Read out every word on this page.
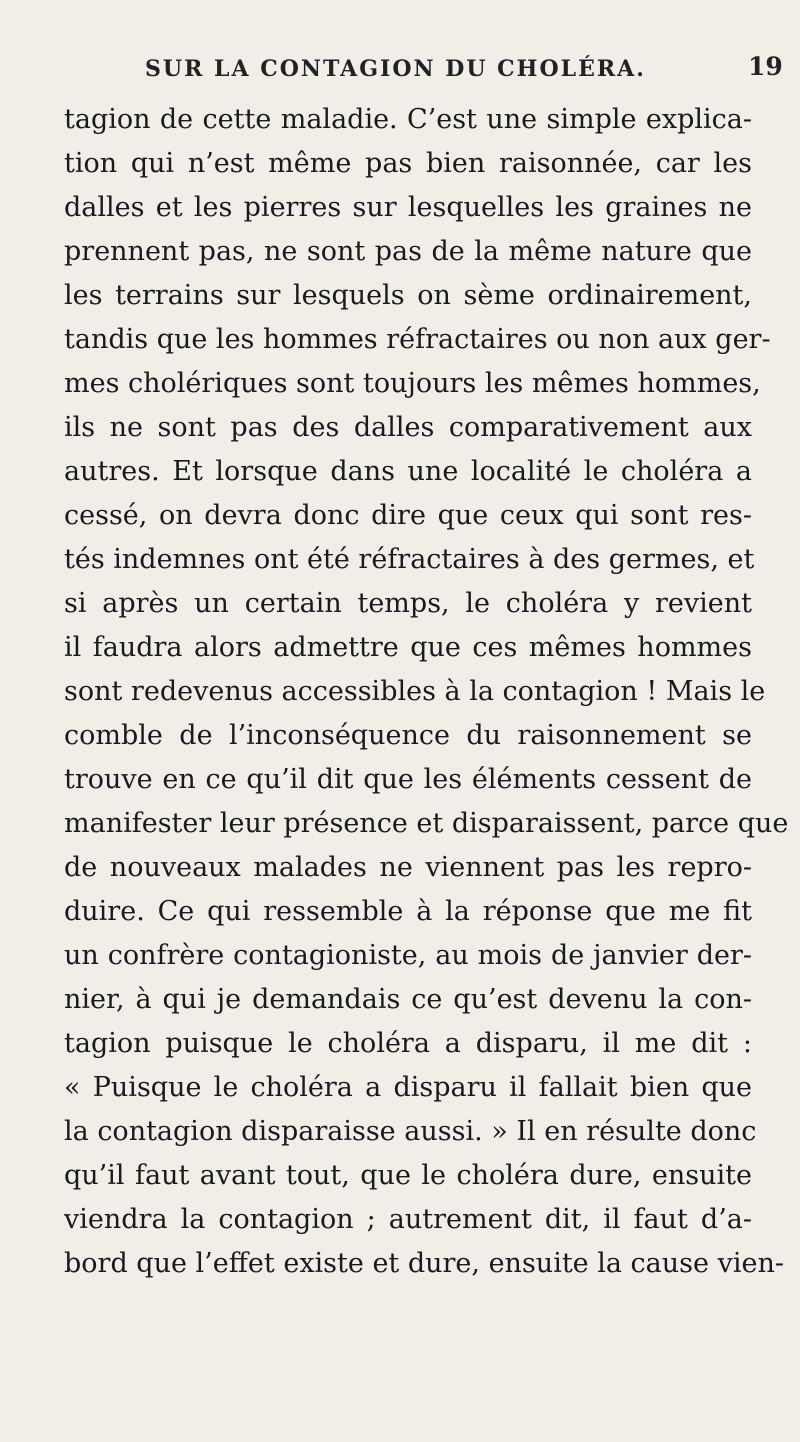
SUR LA CONTAGION DU CHOLÉRA.	19
tagion de cette maladie. C’est une simple explica-
tion qui n’est même pas bien raisonnée, car les
dalles et les pierres sur lesquelles les graines ne
prennent pas, ne sont pas de la même nature que
les terrains sur lesquels on sème ordinairement,
tandis que les hommes réfractaires ou non aux ger-
mes cholériques sont toujours les mêmes hommes,
ils ne sont pas des dalles comparativement aux
autres. Et lorsque dans une localité le choléra a
cessé, on devra donc dire que ceux qui sont res-
tés indemnes ont été réfractaires à des germes, et
si après un certain temps, le choléra y revient
il faudra alors admettre que ces mêmes hommes
sont redevenus accessibles à la contagion ! Mais le
comble de l’inconséquence du raisonnement se
trouve en ce qu’il dit que les éléments cessent de
manifester leur présence et disparaissent, parce que
de nouveaux malades ne viennent pas les repro-
duire. Ce qui ressemble à la réponse que me fit
un confrère contagioniste, au mois de janvier der-
nier, à qui je demandais ce qu’est devenu la con-
tagion puisque le choléra a disparu, il me dit :
« Puisque le choléra a disparu il fallait bien que
la contagion disparaisse aussi. » Il en résulte donc
qu’il faut avant tout, que le choléra dure, ensuite
viendra la contagion ; autrement dit, il faut d’a-
bord que l’effet existe et dure, ensuite la cause vien-
